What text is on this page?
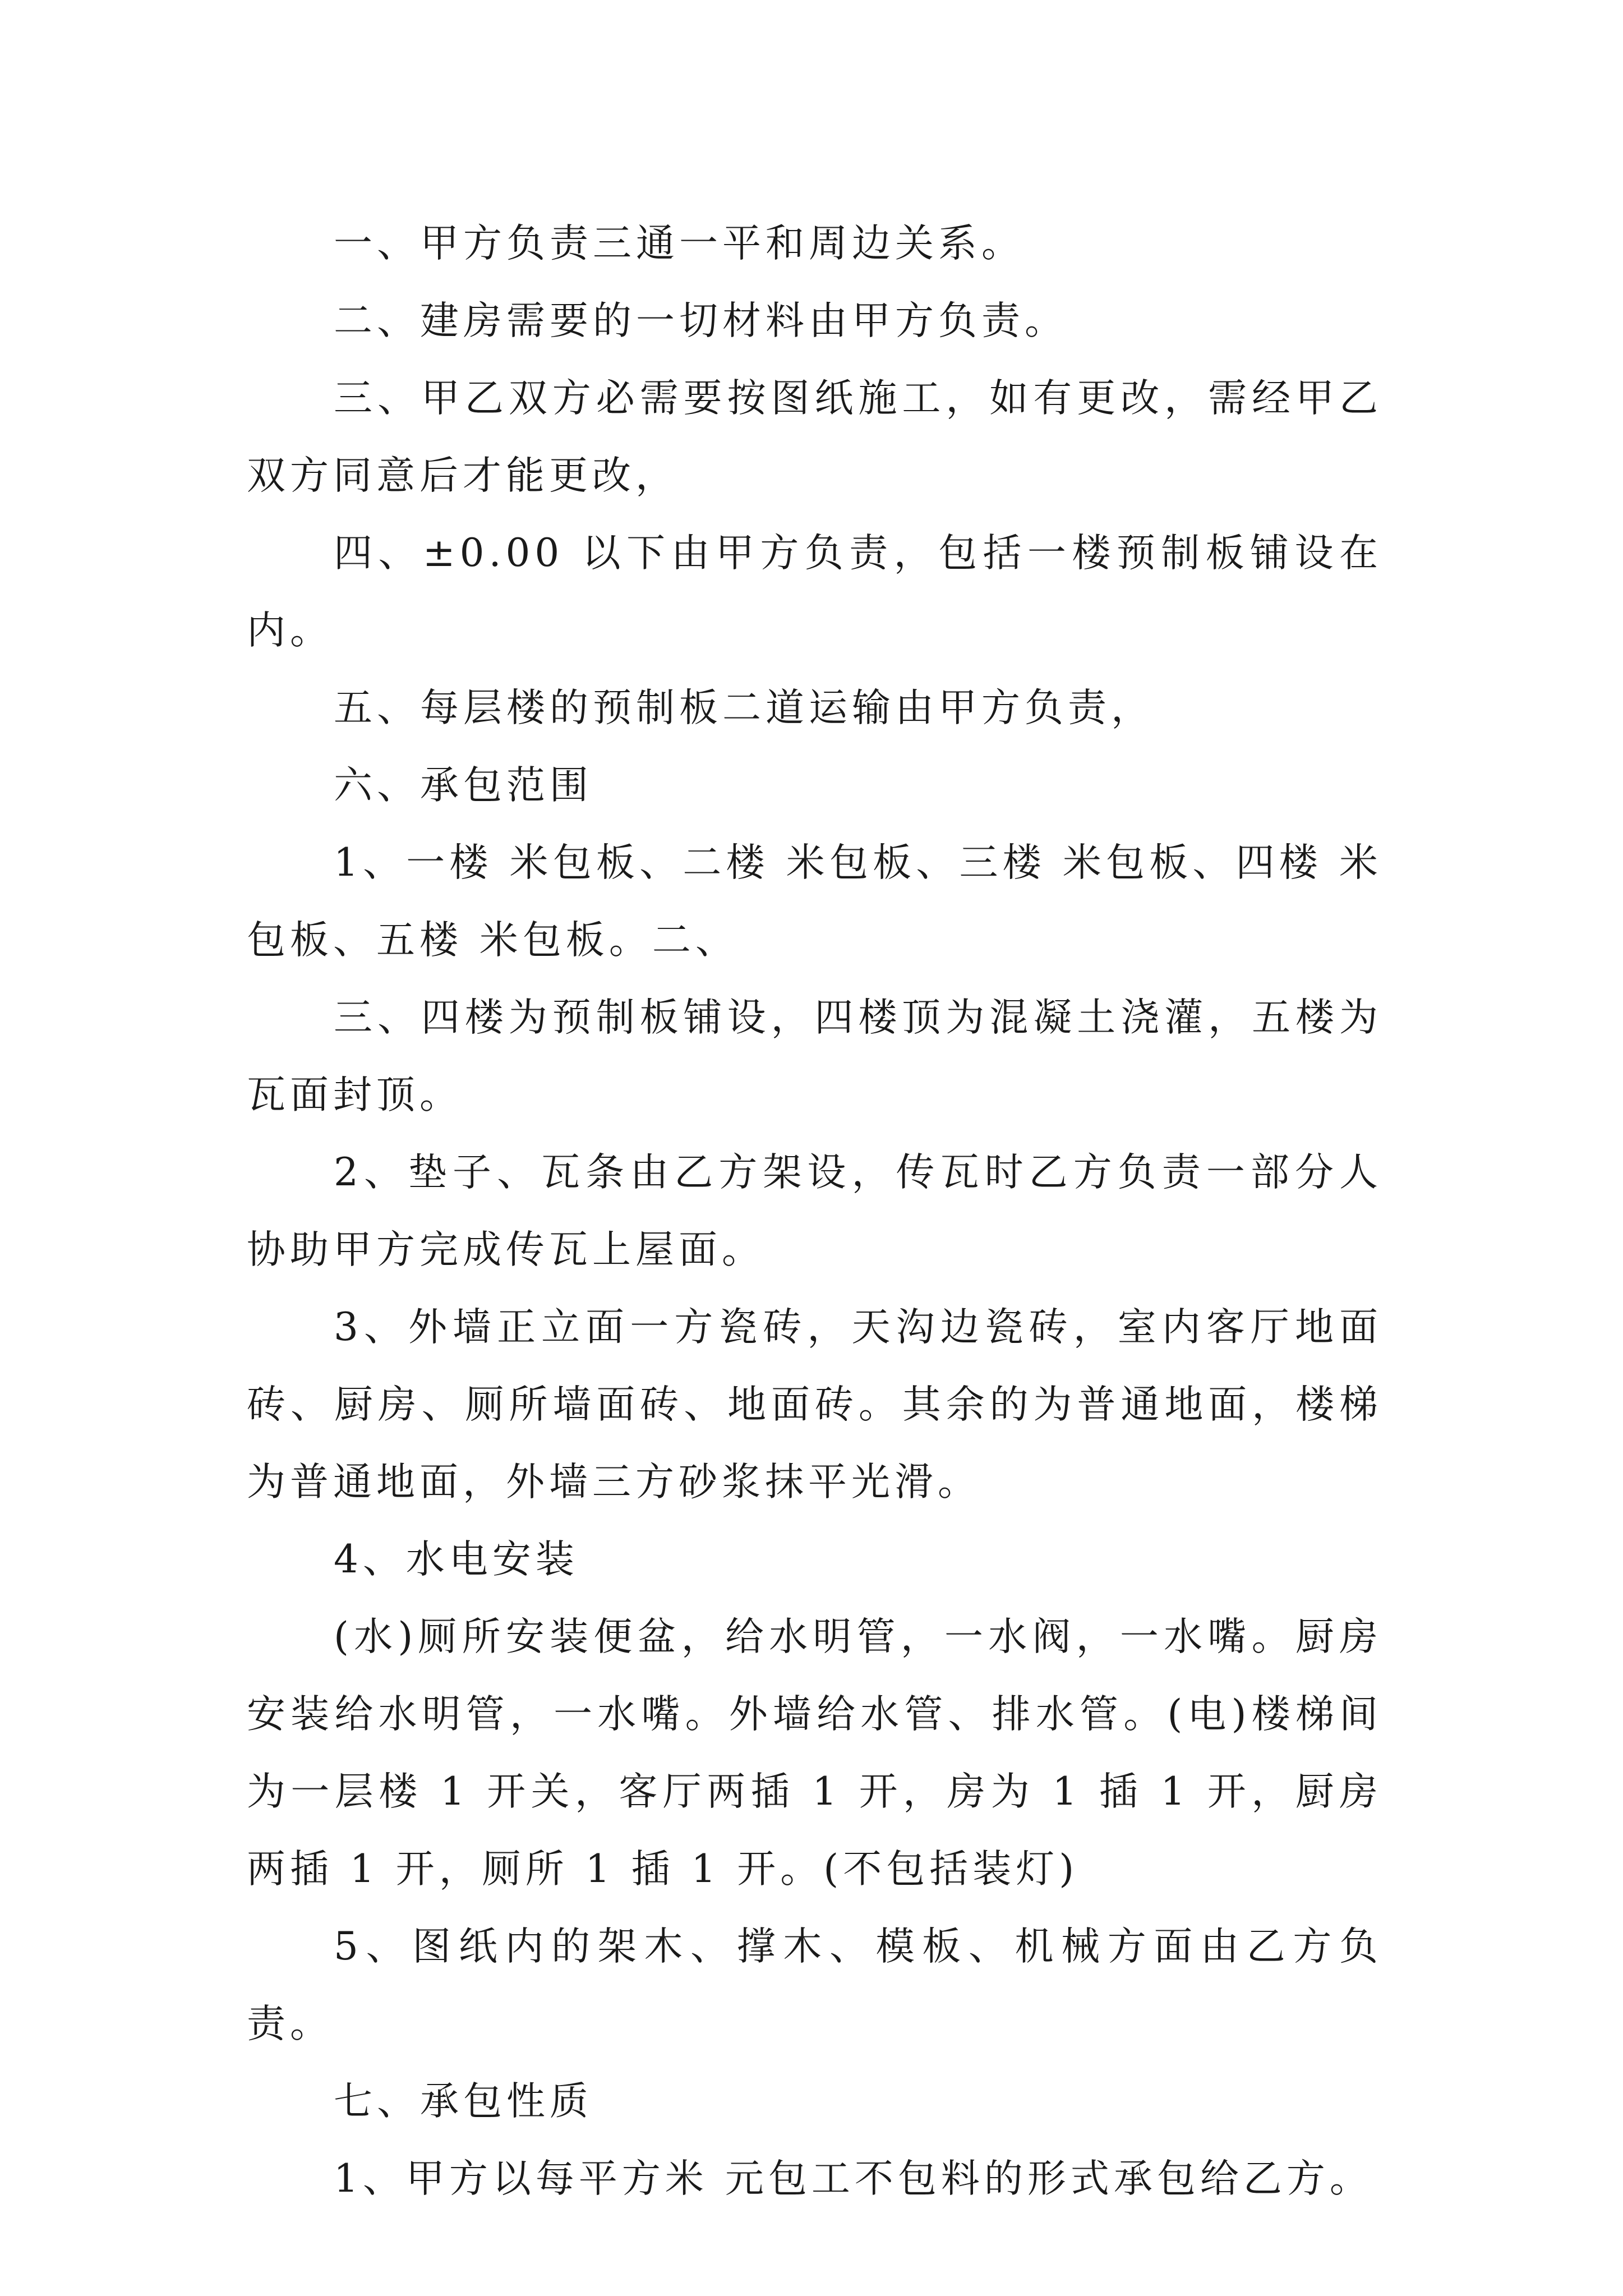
一、甲方负责三通一平和周边关系。

二、建房需要的一切材料由甲方负责。

三、甲乙双方必需要按图纸施工，如有更改，需经甲乙双方同意后才能更改，

四、±0.00 以下由甲方负责，包括一楼预制板铺设在内。

五、每层楼的预制板二道运输由甲方负责，

六、承包范围

1、一楼 米包板、二楼 米包板、三楼 米包板、四楼 米包板、五楼 米包板。二、

三、四楼为预制板铺设，四楼顶为混凝土浇灌，五楼为瓦面封顶。

2、垫子、瓦条由乙方架设，传瓦时乙方负责一部分人协助甲方完成传瓦上屋面。

3、外墙正立面一方瓷砖，天沟边瓷砖，室内客厅地面砖、厨房、厕所墙面砖、地面砖。其余的为普通地面，楼梯为普通地面，外墙三方砂浆抹平光滑。

4、水电安装

(水)厕所安装便盆，给水明管，一水阀，一水嘴。厨房安装给水明管，一水嘴。外墙给水管、排水管。(电)楼梯间为一层楼 1 开关，客厅两插 1 开，房为 1 插 1 开，厨房两插 1 开，厕所 1 插 1 开。(不包括装灯)

5、图纸内的架木、撑木、模板、机械方面由乙方负责。

七、承包性质

1、甲方以每平方米 元包工不包料的形式承包给乙方。
